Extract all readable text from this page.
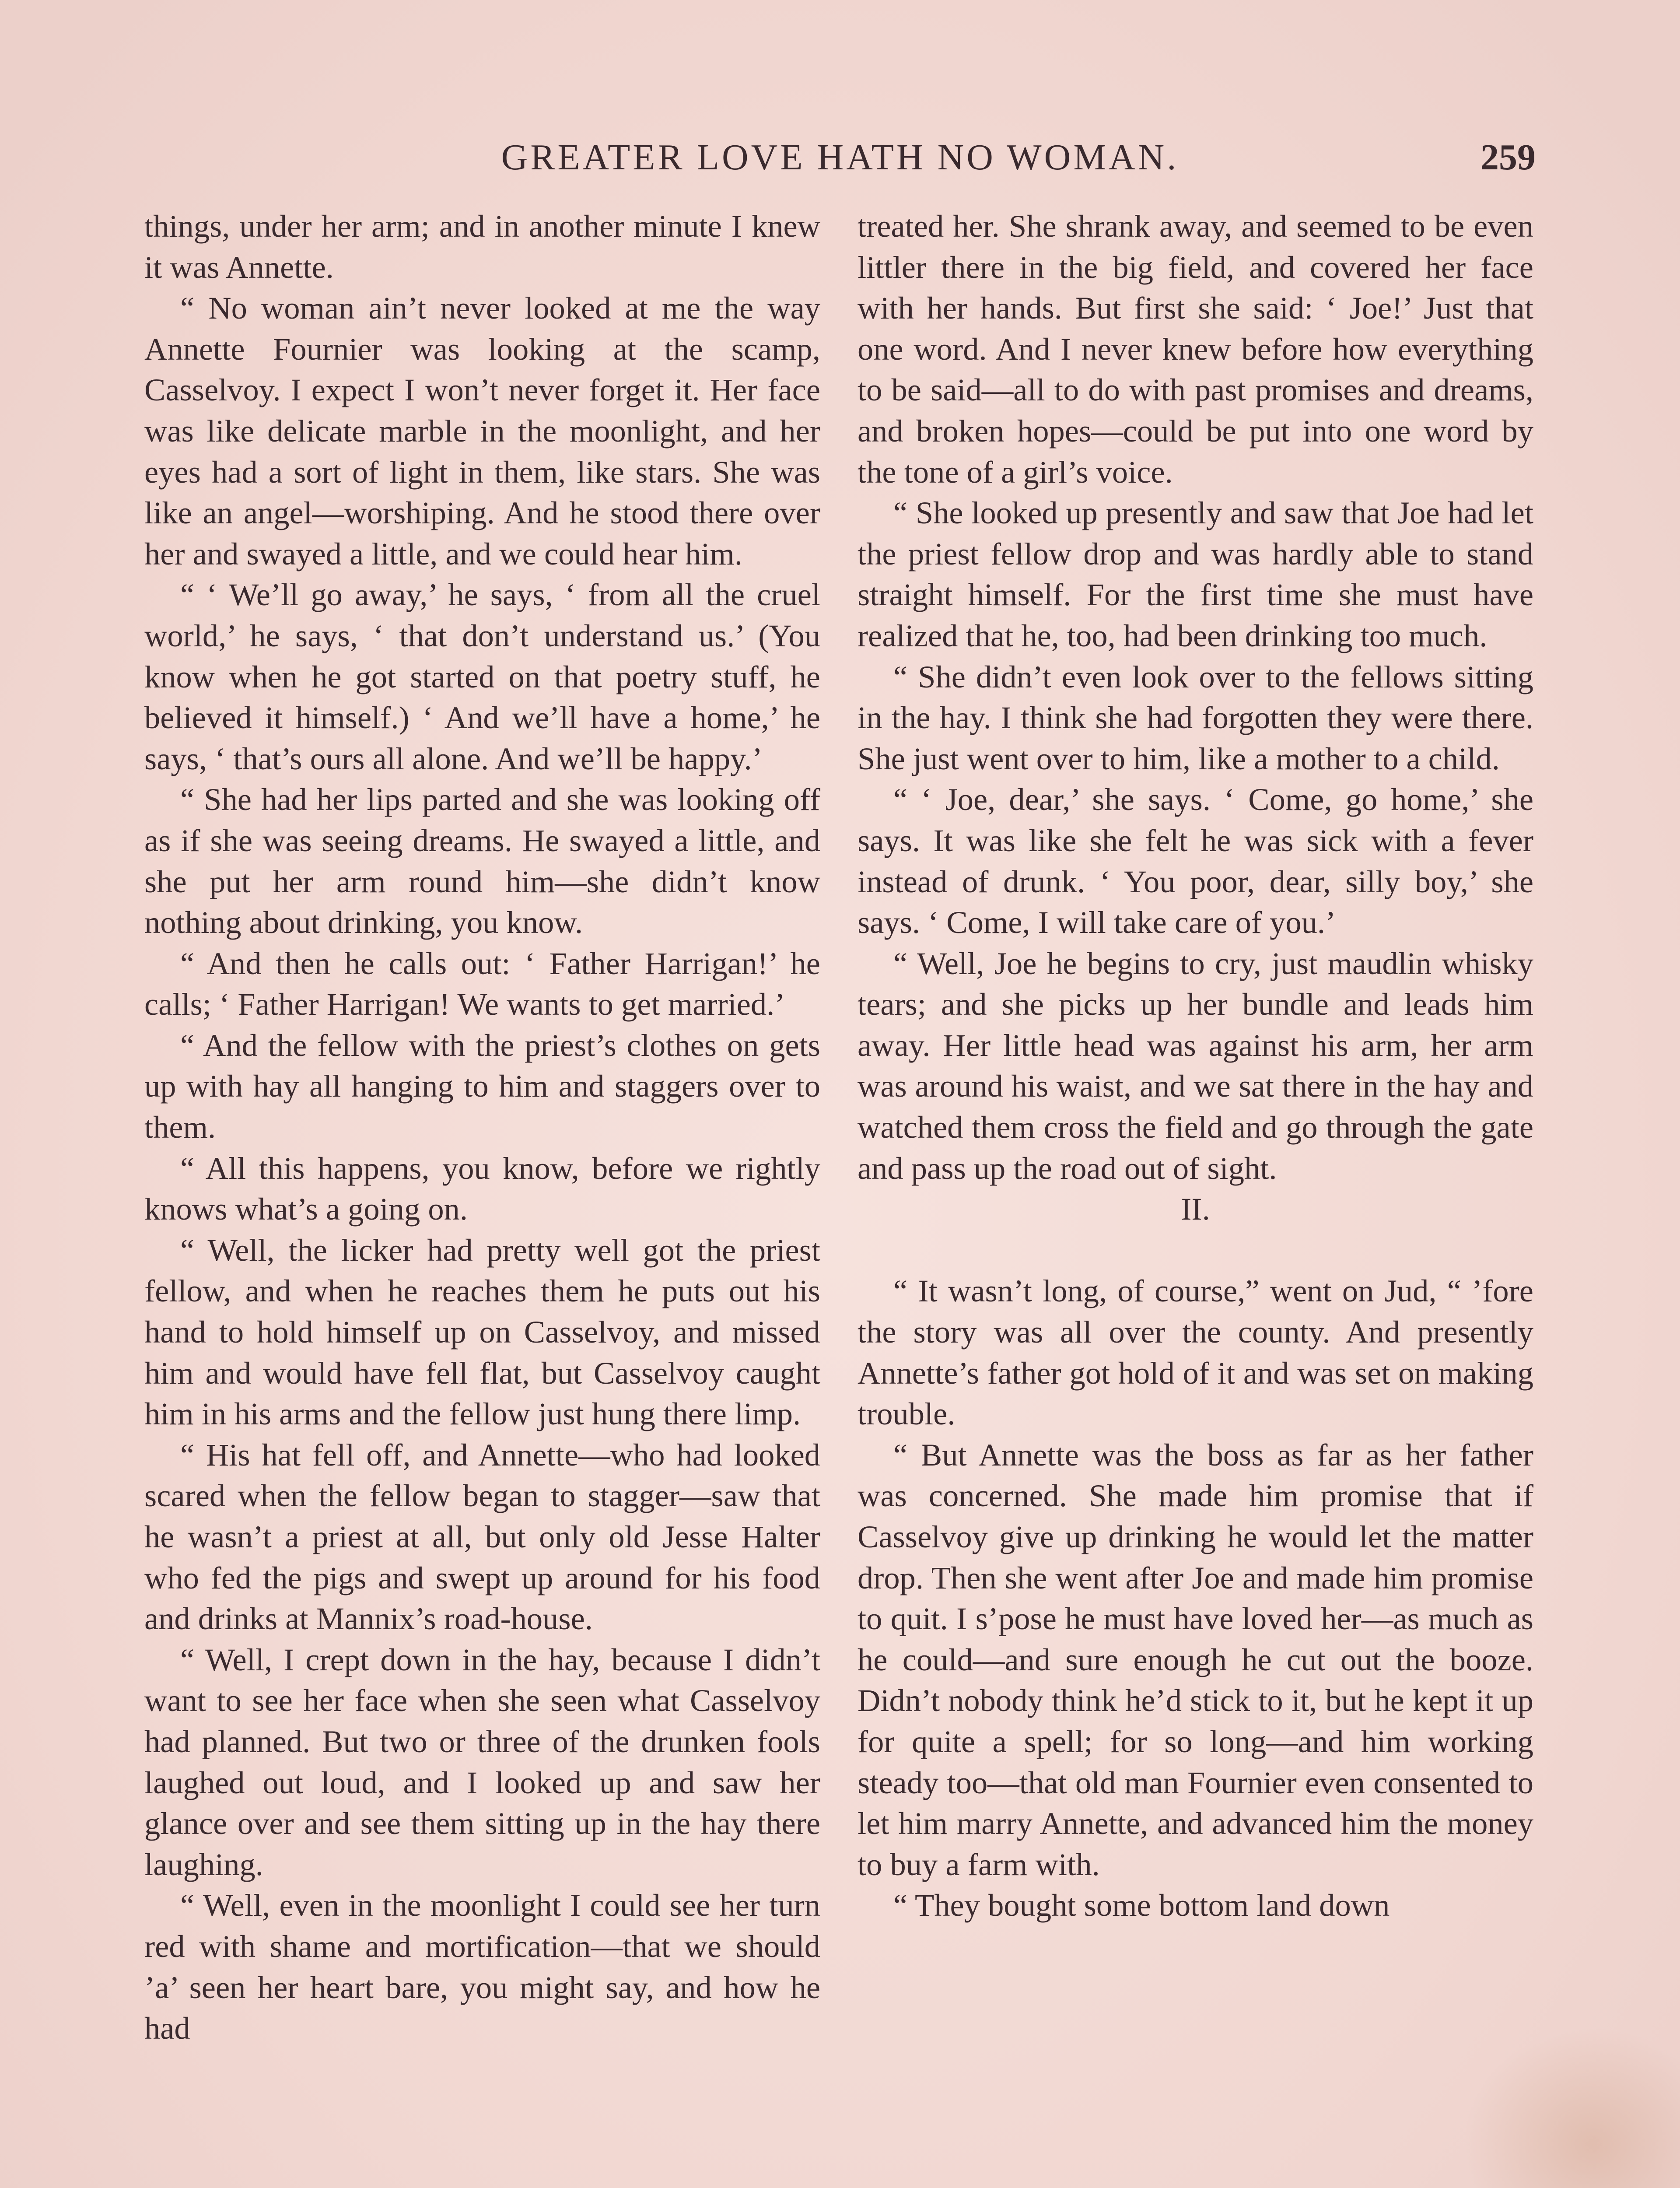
GREATER LOVE HATH NO WOMAN.	259

things, under her arm; and in another minute I knew it was Annette.

“ No woman ain’t never looked at me the way Annette Fournier was looking at the scamp, Casselvoy. I expect I won’t never forget it. Her face was like delicate marble in the moonlight, and her eyes had a sort of light in them, like stars. She was like an angel—worshiping. And he stood there over her and swayed a little, and we could hear him.

“ ‘ We’ll go away,’ he says, ‘ from all the cruel world,’ he says, ‘ that don’t understand us.’ (You know when he got started on that poetry stuff, he believed it himself.) ‘ And we’ll have a home,’ he says, ‘ that’s ours all alone. And we’ll be happy.’

“ She had her lips parted and she was looking off as if she was seeing dreams. He swayed a little, and she put her arm round him—she didn’t know nothing about drinking, you know.

“ And then he calls out: ‘ Father Harrigan!’ he calls; ‘ Father Harrigan! We wants to get married.’

“ And the fellow with the priest’s clothes on gets up with hay all hanging to him and staggers over to them.

“ All this happens, you know, before we rightly knows what’s a going on.

“ Well, the licker had pretty well got the priest fellow, and when he reaches them he puts out his hand to hold himself up on Casselvoy, and missed him and would have fell flat, but Casselvoy caught him in his arms and the fellow just hung there limp.

“ His hat fell off, and Annette—who had looked scared when the fellow began to stagger—saw that he wasn’t a priest at all, but only old Jesse Halter who fed the pigs and swept up around for his food and drinks at Mannix’s road-house.

“ Well, I crept down in the hay, because I didn’t want to see her face when she seen what Casselvoy had planned. But two or three of the drunken fools laughed out loud, and I looked up and saw her glance over and see them sitting up in the hay there laughing.

“ Well, even in the moonlight I could see her turn red with shame and mortification—that we should ’a’ seen her heart bare, you might say, and how he had

treated her. She shrank away, and seemed to be even littler there in the big field, and covered her face with her hands. But first she said: ‘ Joe!’ Just that one word. And I never knew before how everything to be said—all to do with past promises and dreams, and broken hopes—could be put into one word by the tone of a girl’s voice.

“ She looked up presently and saw that Joe had let the priest fellow drop and was hardly able to stand straight himself. For the first time she must have realized that he, too, had been drinking too much.

“ She didn’t even look over to the fellows sitting in the hay. I think she had forgotten they were there. She just went over to him, like a mother to a child.

“ ‘ Joe, dear,’ she says. ‘ Come, go home,’ she says. It was like she felt he was sick with a fever instead of drunk. ‘ You poor, dear, silly boy,’ she says. ‘ Come, I will take care of you.’

“ Well, Joe he begins to cry, just maudlin whisky tears; and she picks up her bundle and leads him away. Her little head was against his arm, her arm was around his waist, and we sat there in the hay and watched them cross the field and go through the gate and pass up the road out of sight.

II.

“ It wasn’t long, of course,” went on Jud, “ ’fore the story was all over the county. And presently Annette’s father got hold of it and was set on making trouble.

“ But Annette was the boss as far as her father was concerned. She made him promise that if Casselvoy give up drinking he would let the matter drop. Then she went after Joe and made him promise to quit. I s’pose he must have loved her—as much as he could—and sure enough he cut out the booze. Didn’t nobody think he’d stick to it, but he kept it up for quite a spell; for so long—and him working steady too—that old man Fournier even consented to let him marry Annette, and advanced him the money to buy a farm with.

“ They bought some bottom land down
